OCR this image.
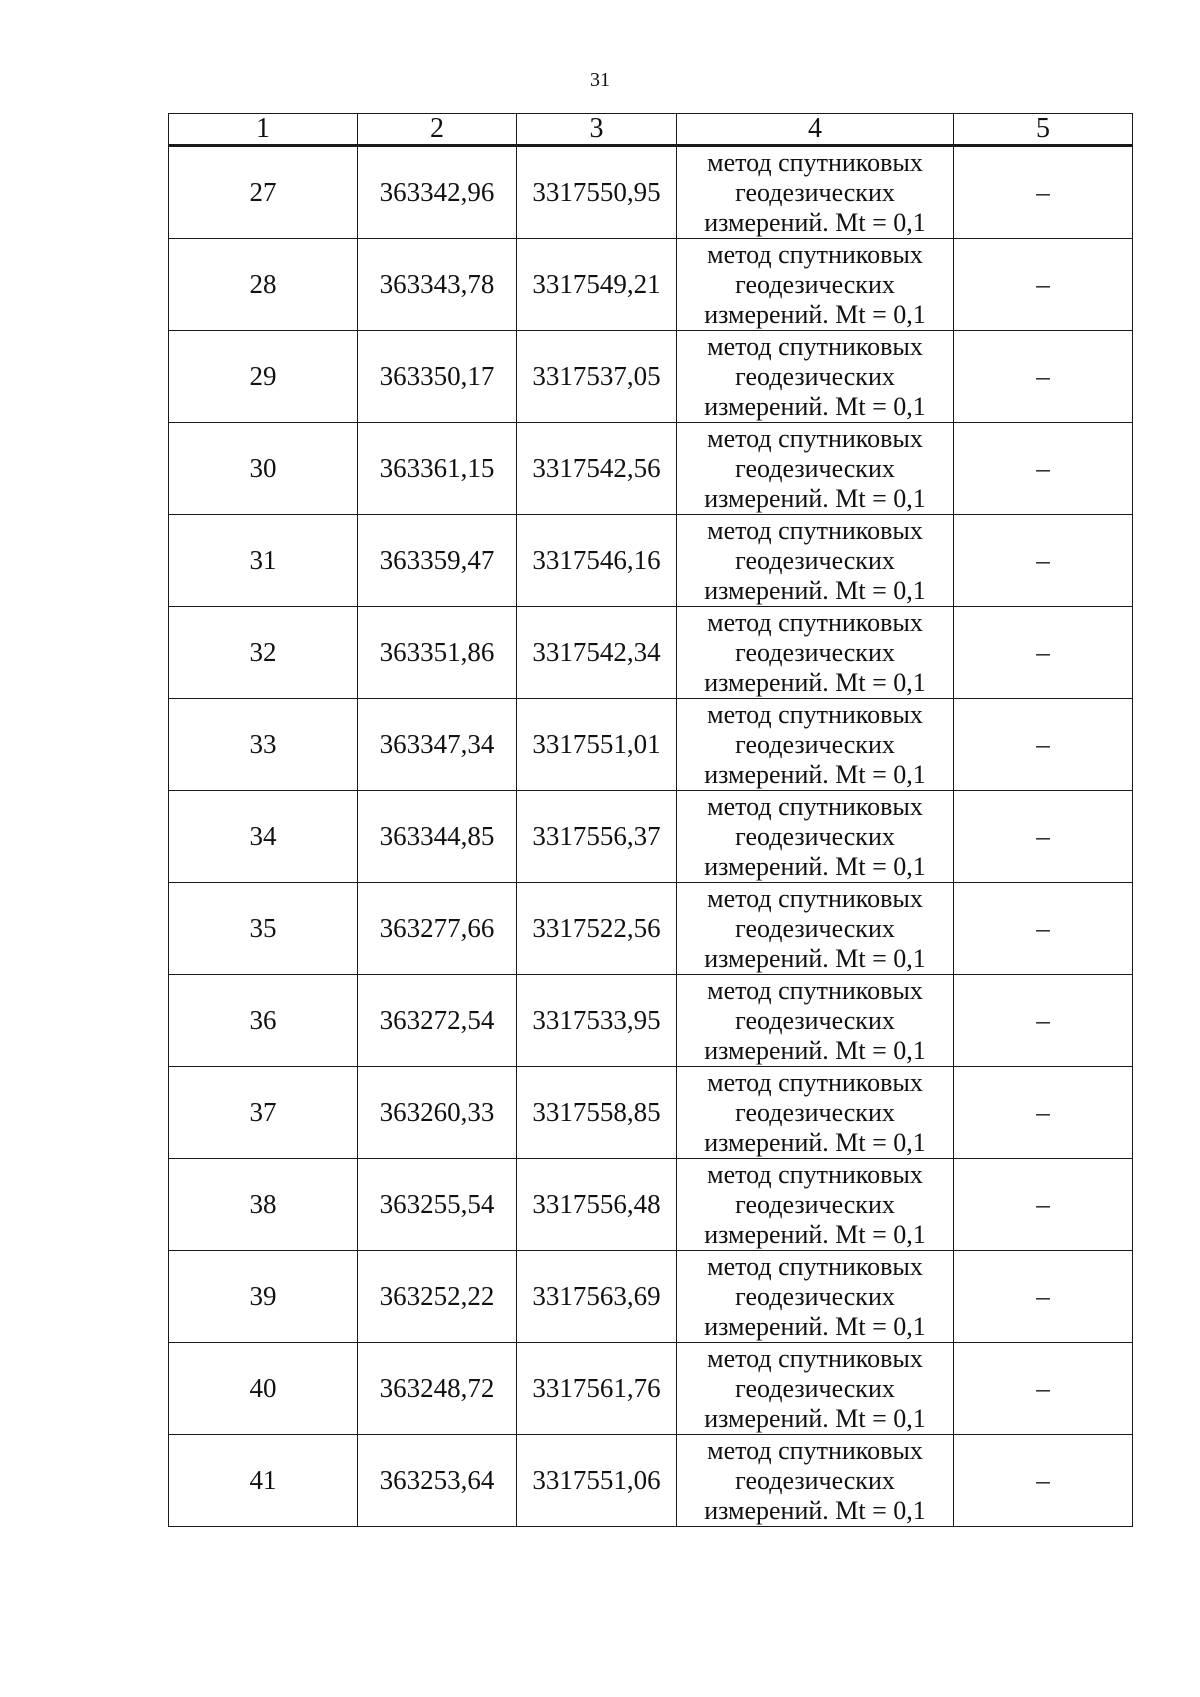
31
1	2	3	4	5
27	363342,96	3317550,95	метод спутниковых
геодезических
измерений. Mt = 0,1	–
28	363343,78	3317549,21	метод спутниковых
геодезических
измерений. Mt = 0,1	–
29	363350,17	3317537,05	метод спутниковых
геодезических
измерений. Mt = 0,1	–
30	363361,15	3317542,56	метод спутниковых
геодезических
измерений. Mt = 0,1	–
31	363359,47	3317546,16	метод спутниковых
геодезических
измерений. Mt = 0,1	–
32	363351,86	3317542,34	метод спутниковых
геодезических
измерений. Mt = 0,1	–
33	363347,34	3317551,01	метод спутниковых
геодезических
измерений. Mt = 0,1	–
34	363344,85	3317556,37	метод спутниковых
геодезических
измерений. Mt = 0,1	–
35	363277,66	3317522,56	метод спутниковых
геодезических
измерений. Mt = 0,1	–
36	363272,54	3317533,95	метод спутниковых
геодезических
измерений. Mt = 0,1	–
37	363260,33	3317558,85	метод спутниковых
геодезических
измерений. Mt = 0,1	–
38	363255,54	3317556,48	метод спутниковых
геодезических
измерений. Mt = 0,1	–
39	363252,22	3317563,69	метод спутниковых
геодезических
измерений. Mt = 0,1	–
40	363248,72	3317561,76	метод спутниковых
геодезических
измерений. Mt = 0,1	–
41	363253,64	3317551,06	метод спутниковых
геодезических
измерений. Mt = 0,1	–
